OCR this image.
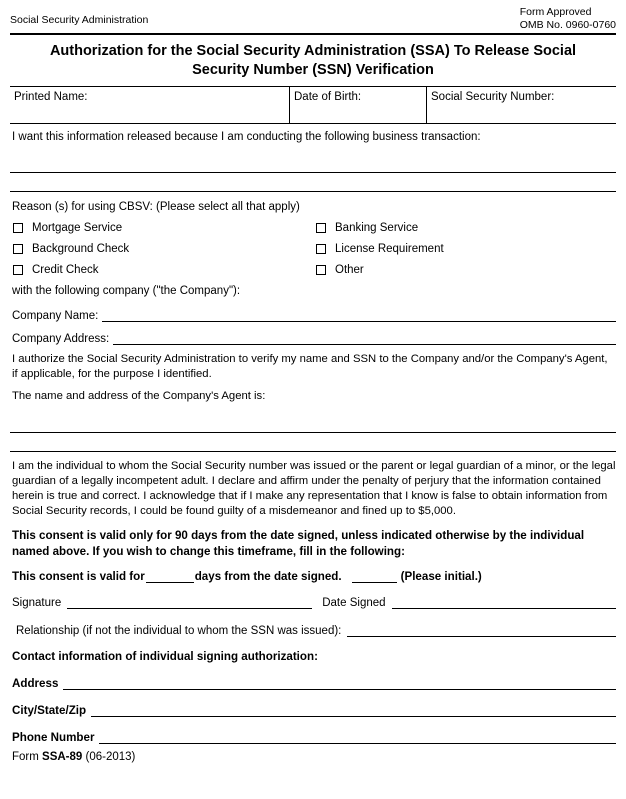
Social Security Administration
Form Approved
OMB No. 0960-0760
Authorization for the Social Security Administration (SSA) To Release Social Security Number (SSN) Verification
Printed Name:	Date of Birth:	Social Security Number:
I want this information released because I am conducting the following business transaction:
Reason (s) for using CBSV: (Please select all that apply)
Mortgage Service
Background Check
Credit Check
Banking Service
License Requirement
Other
with the following company ("the Company"):
Company Name:
Company Address:
I authorize the Social Security Administration to verify my name and SSN to the Company and/or the Company's Agent, if applicable, for the purpose I identified.
The name and address of the Company's Agent is:
I am the individual to whom the Social Security number was issued or the parent or legal guardian of a minor, or the legal guardian of a legally incompetent adult. I declare and affirm under the penalty of perjury that the information contained herein is true and correct. I acknowledge that if I make any representation that I know is false to obtain information from Social Security records, I could be found guilty of a misdemeanor and fined up to $5,000.
This consent is valid only for 90 days from the date signed, unless indicated otherwise by the individual named above. If you wish to change this timeframe, fill in the following:
This consent is valid for	days from the date signed.	(Please initial.)
Signature	Date Signed
Relationship (if not the individual to whom the SSN was issued):
Contact information of individual signing authorization:
Address
City/State/Zip
Phone Number
Form SSA-89 (06-2013)
